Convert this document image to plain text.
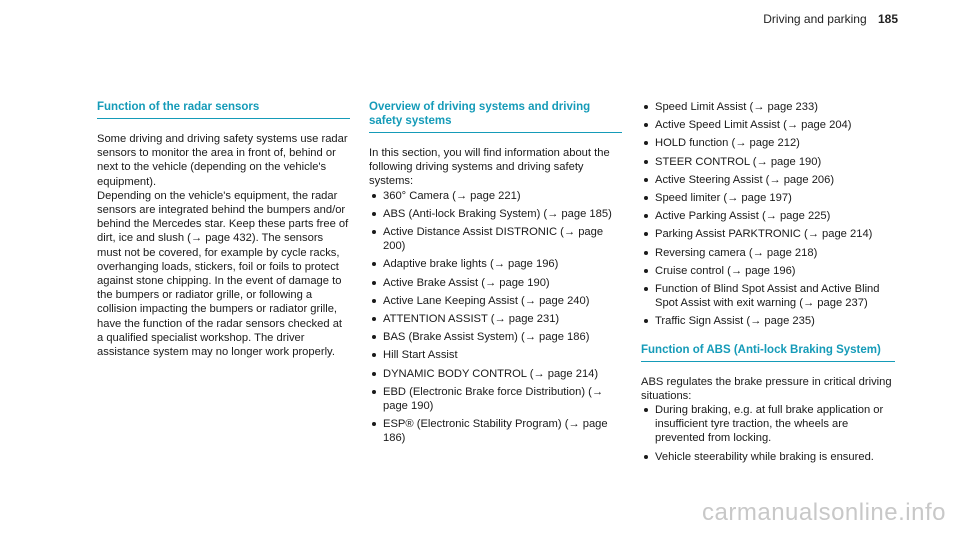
Driving and parking 185
Function of the radar sensors

Some driving and driving safety systems use radar sensors to monitor the area in front of, behind or next to the vehicle (depending on the vehicle's equipment).

Depending on the vehicle's equipment, the radar sensors are integrated behind the bumpers and/or behind the Mercedes star. Keep these parts free of dirt, ice and slush (→ page 432). The sensors must not be covered, for example by cycle racks, overhanging loads, stickers, foil or foils to protect against stone chipping. In the event of damage to the bumpers or radiator grille, or following a collision impacting the bumpers or radiator grille, have the function of the radar sensors checked at a qualified specialist workshop. The driver assistance system may no longer work properly.

Overview of driving systems and driving safety systems

In this section, you will find information about the following driving systems and driving safety systems:

360° Camera (→ page 221)
ABS (Anti-lock Braking System) (→ page 185)
Active Distance Assist DISTRONIC (→ page 200)
Adaptive brake lights (→ page 196)
Active Brake Assist (→ page 190)
Active Lane Keeping Assist (→ page 240)
ATTENTION ASSIST (→ page 231)
BAS (Brake Assist System) (→ page 186)
Hill Start Assist
DYNAMIC BODY CONTROL (→ page 214)
EBD (Electronic Brake force Distribution) (→ page 190)
ESP® (Electronic Stability Program) (→ page 186)
Speed Limit Assist (→ page 233)
Active Speed Limit Assist (→ page 204)
HOLD function (→ page 212)
STEER CONTROL (→ page 190)
Active Steering Assist (→ page 206)
Speed limiter (→ page 197)
Active Parking Assist (→ page 225)
Parking Assist PARKTRONIC (→ page 214)
Reversing camera (→ page 218)
Cruise control (→ page 196)
Function of Blind Spot Assist and Active Blind Spot Assist with exit warning (→ page 237)
Traffic Sign Assist (→ page 235)
Function of ABS (Anti-lock Braking System)

ABS regulates the brake pressure in critical driving situations:

During braking, e.g. at full brake application or insufficient tyre traction, the wheels are prevented from locking.
Vehicle steerability while braking is ensured.
carmanualsonline.info
